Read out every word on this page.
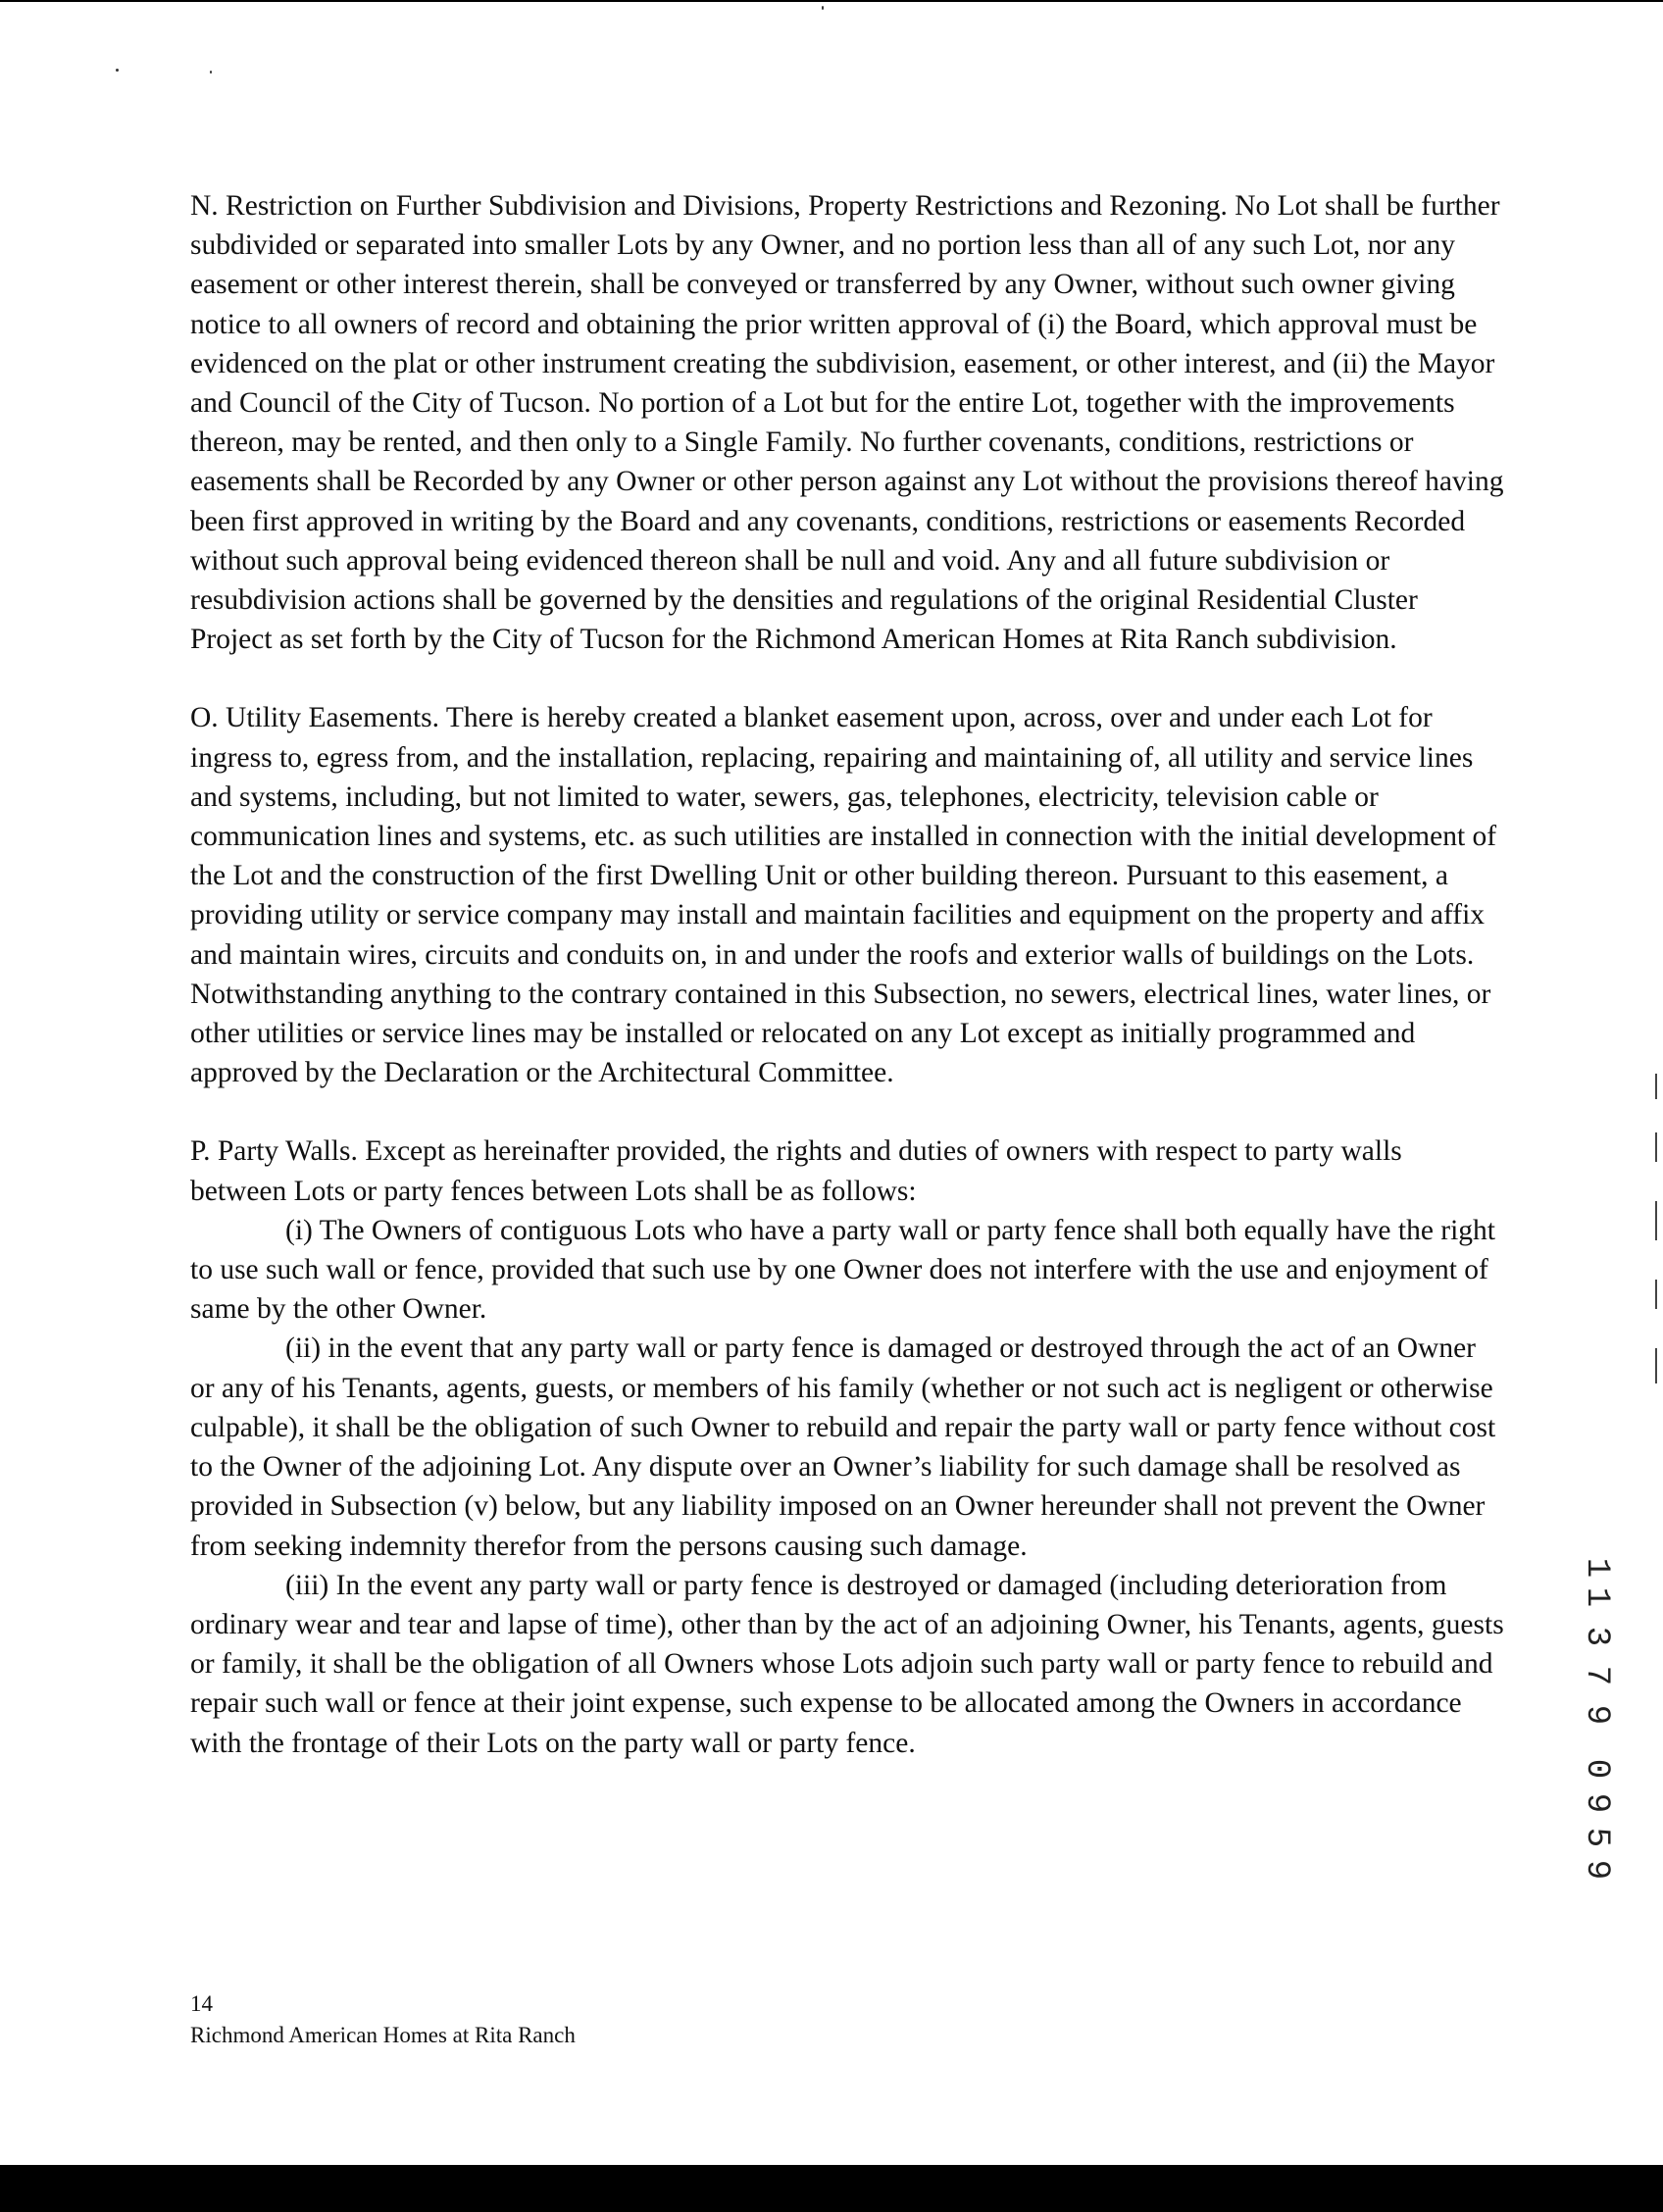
N. Restriction on Further Subdivision and Divisions, Property Restrictions and Rezoning. No Lot shall be further subdivided or separated into smaller Lots by any Owner, and no portion less than all of any such Lot, nor any easement or other interest therein, shall be conveyed or transferred by any Owner, without such owner giving notice to all owners of record and obtaining the prior written approval of (i) the Board, which approval must be evidenced on the plat or other instrument creating the subdivision, easement, or other interest, and (ii) the Mayor and Council of the City of Tucson. No portion of a Lot but for the entire Lot, together with the improvements thereon, may be rented, and then only to a Single Family. No further covenants, conditions, restrictions or easements shall be Recorded by any Owner or other person against any Lot without the provisions thereof having been first approved in writing by the Board and any covenants, conditions, restrictions or easements Recorded without such approval being evidenced thereon shall be null and void. Any and all future subdivision or resubdivision actions shall be governed by the densities and regulations of the original Residential Cluster Project as set forth by the City of Tucson for the Richmond American Homes at Rita Ranch subdivision.

O. Utility Easements. There is hereby created a blanket easement upon, across, over and under each Lot for ingress to, egress from, and the installation, replacing, repairing and maintaining of, all utility and service lines and systems, including, but not limited to water, sewers, gas, telephones, electricity, television cable or communication lines and systems, etc. as such utilities are installed in connection with the initial development of the Lot and the construction of the first Dwelling Unit or other building thereon. Pursuant to this easement, a providing utility or service company may install and maintain facilities and equipment on the property and affix and maintain wires, circuits and conduits on, in and under the roofs and exterior walls of buildings on the Lots. Notwithstanding anything to the contrary contained in this Subsection, no sewers, electrical lines, water lines, or other utilities or service lines may be installed or relocated on any Lot except as initially programmed and approved by the Declaration or the Architectural Committee.

P. Party Walls. Except as hereinafter provided, the rights and duties of owners with respect to party walls between Lots or party fences between Lots shall be as follows:

(i) The Owners of contiguous Lots who have a party wall or party fence shall both equally have the right to use such wall or fence, provided that such use by one Owner does not interfere with the use and enjoyment of same by the other Owner.

(ii) in the event that any party wall or party fence is damaged or destroyed through the act of an Owner or any of his Tenants, agents, guests, or members of his family (whether or not such act is negligent or otherwise culpable), it shall be the obligation of such Owner to rebuild and repair the party wall or party fence without cost to the Owner of the adjoining Lot. Any dispute over an Owner’s liability for such damage shall be resolved as provided in Subsection (v) below, but any liability imposed on an Owner hereunder shall not prevent the Owner from seeking indemnity therefor from the persons causing such damage.

(iii) In the event any party wall or party fence is destroyed or damaged (including deterioration from ordinary wear and tear and lapse of time), other than by the act of an adjoining Owner, his Tenants, agents, guests or family, it shall be the obligation of all Owners whose Lots adjoin such party wall or party fence to rebuild and repair such wall or fence at their joint expense, such expense to be allocated among the Owners in accordance with the frontage of their Lots on the party wall or party fence.

14
Richmond American Homes at Rita Ranch
1
1
3
7
9
0
9
5
9
